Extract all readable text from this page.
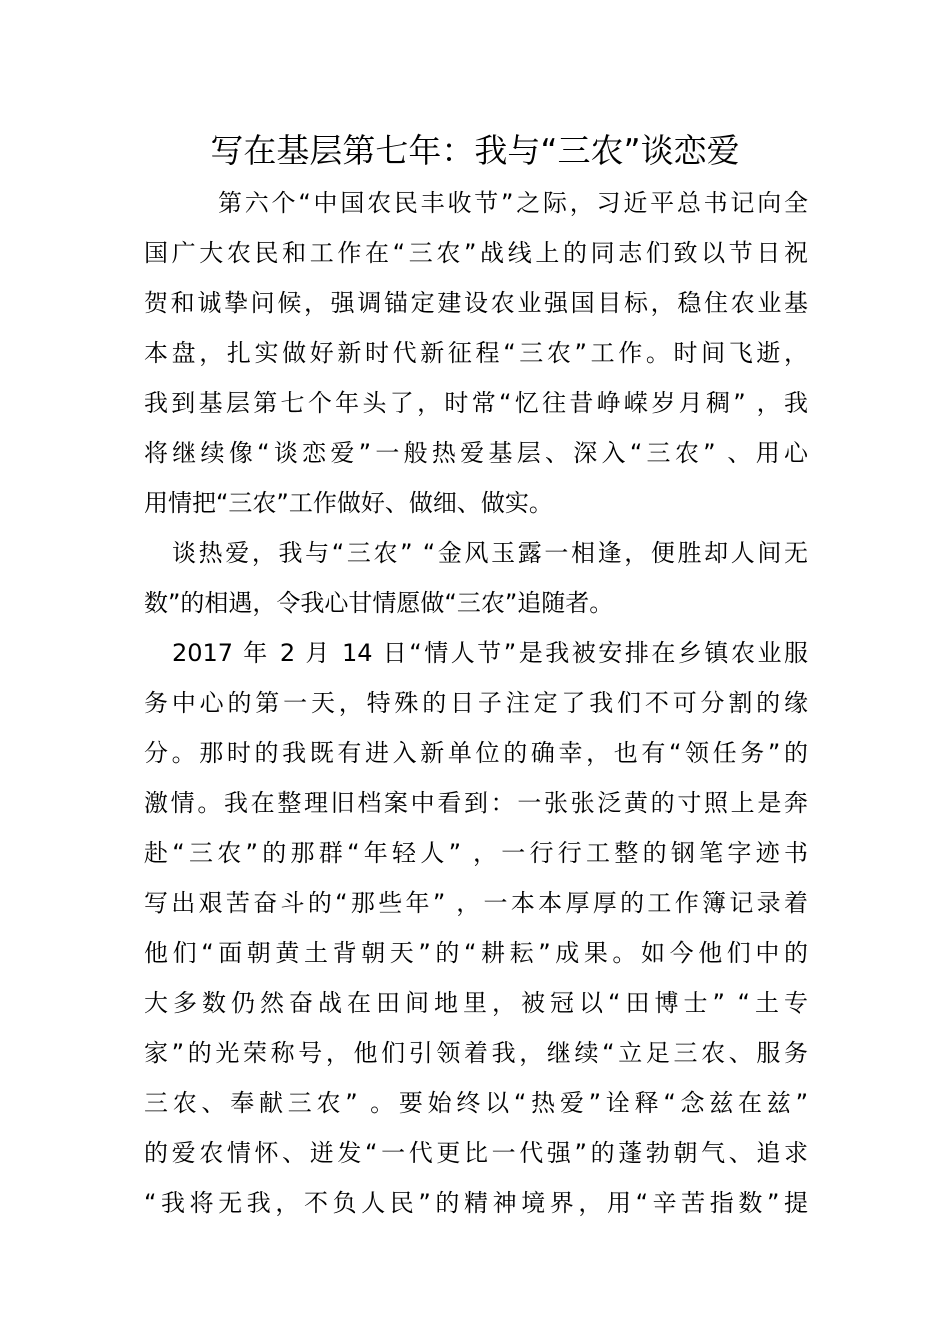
写在基层第七年：我与“三农”谈恋爱
第六个“中国农民丰收节”之际，习近平总书记向全
国广大农民和工作在“三农”战线上的同志们致以节日祝
贺和诚挚问候，强调锚定建设农业强国目标，稳住农业基
本盘，扎实做好新时代新征程“三农”工作。时间飞逝，
我到基层第七个年头了，时常“忆往昔峥嵘岁月稠” ，我
将继续像“谈恋爱”一般热爱基层、深入“三农” 、用心
用情把“三农”工作做好、做细、做实。
谈热爱，我与“三农” “金风玉露一相逢，便胜却人间无
数”的相遇，令我心甘情愿做“三农”追随者。
2017 年 2 月 14 日“情人节”是我被安排在乡镇农业服
务中心的第一天，特殊的日子注定了我们不可分割的缘
分。那时的我既有进入新单位的确幸，也有“领任务”的
激情。我在整理旧档案中看到：一张张泛黄的寸照上是奔
赴“三农”的那群“年轻人” ，一行行工整的钢笔字迹书
写出艰苦奋斗的“那些年” ，一本本厚厚的工作簿记录着
他们“面朝黄土背朝天”的“耕耘”成果。如今他们中的
大多数仍然奋战在田间地里，被冠以“田博士” “土专
家”的光荣称号，他们引领着我，继续“立足三农、服务
三农、奉献三农” 。要始终以“热爱”诠释“念兹在兹”
的爱农情怀、迸发“一代更比一代强”的蓬勃朝气、追求
“我将无我，不负人民”的精神境界，用“辛苦指数”提
